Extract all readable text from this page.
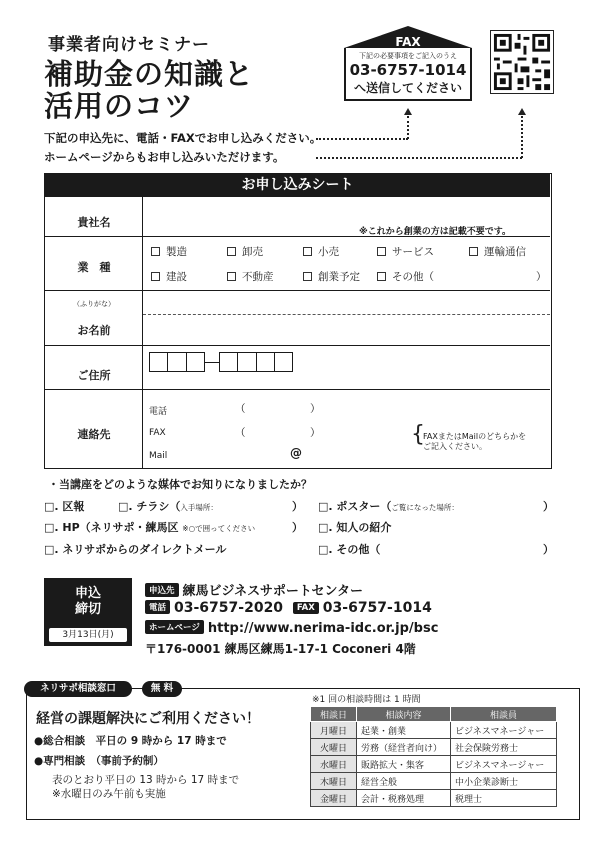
事業者向けセミナー
補助金の知識と
活用のコツ
下記の申込先に、電話・FAXでお申し込みください。
ホームページからもお申し込みいただけます。
FAX
下記の必要事項をご記入のうえ
03-6757-1014
へ送信してください
お申し込みシート
貴社名
※これから創業の方は記載不要です。
業　種
製造	卸売	小売	サービス	運輸通信
建設	不動産	創業予定	その他（	）
（ふりがな）
お名前
ご住所
連絡先
電話	（	）
FAX	（	）
Mail	@
{
FAXまたはMailのどちらかを
ご記入ください。
・当講座をどのような媒体でお知りになりましたか？
□. 区報	□. チラシ（入手場所：	） □. ポスター（ご覧になった場所：	）
□. HP（ネリサポ・練馬区 ※○で囲ってください	） □. 知人の紹介
□. ネリサポからのダイレクトメール	□. その他（	）
申込
締切
3月13日(月)
申込先 練馬ビジネスサポートセンター
電話 03-6757-2020 FAX 03-6757-1014
ホームページ http://www.nerima-idc.or.jp/bsc
〒176-0001 練馬区練馬1-17-1 Coconeri 4階
ネリサポ相談窓口	無 料
経営の課題解決にご利用ください！
●総合相談　平日の 9 時から 17 時まで
●専門相談　（事前予約制）
表のとおり平日の 13 時から 17 時まで
※水曜日のみ午前も実施
※1 回の相談時間は 1 時間
相談日	相談内容	相談員
月曜日	起業・創業	ビジネスマネージャー
火曜日	労務（経営者向け）	社会保険労務士
水曜日	販路拡大・集客	ビジネスマネージャー
木曜日	経営全般	中小企業診断士
金曜日	会計・税務処理	税理士
